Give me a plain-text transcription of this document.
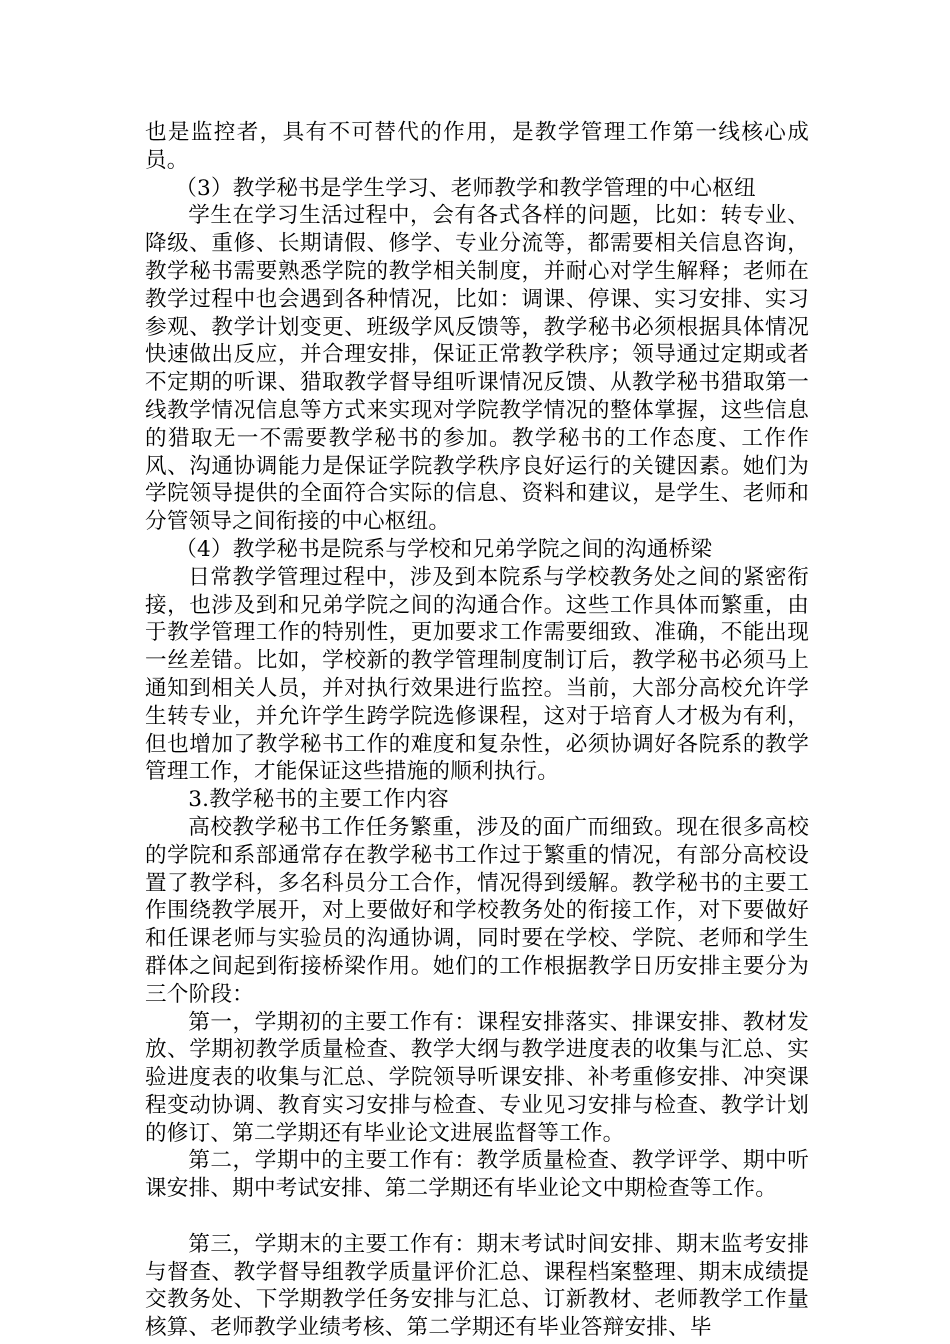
也是监控者，具有不可替代的作用，是教学管理工作第一线核心成员。

（3）教学秘书是学生学习、老师教学和教学管理的中心枢纽

学生在学习生活过程中，会有各式各样的问题，比如：转专业、降级、重修、长期请假、修学、专业分流等，都需要相关信息咨询，教学秘书需要熟悉学院的教学相关制度，并耐心对学生解释；老师在教学过程中也会遇到各种情况，比如：调课、停课、实习安排、实习参观、教学计划变更、班级学风反馈等，教学秘书必须根据具体情况快速做出反应，并合理安排，保证正常教学秩序；领导通过定期或者不定期的听课、猎取教学督导组听课情况反馈、从教学秘书猎取第一线教学情况信息等方式来实现对学院教学情况的整体掌握，这些信息的猎取无一不需要教学秘书的参加。教学秘书的工作态度、工作作风、沟通协调能力是保证学院教学秩序良好运行的关键因素。她们为学院领导提供的全面符合实际的信息、资料和建议，是学生、老师和分管领导之间衔接的中心枢纽。

（4）教学秘书是院系与学校和兄弟学院之间的沟通桥梁

日常教学管理过程中，涉及到本院系与学校教务处之间的紧密衔接，也涉及到和兄弟学院之间的沟通合作。这些工作具体而繁重，由于教学管理工作的特别性，更加要求工作需要细致、准确，不能出现一丝差错。比如，学校新的教学管理制度制订后，教学秘书必须马上通知到相关人员，并对执行效果进行监控。当前，大部分高校允许学生转专业，并允许学生跨学院选修课程，这对于培育人才极为有利，但也增加了教学秘书工作的难度和复杂性，必须协调好各院系的教学管理工作，才能保证这些措施的顺利执行。

3.教学秘书的主要工作内容

高校教学秘书工作任务繁重，涉及的面广而细致。现在很多高校的学院和系部通常存在教学秘书工作过于繁重的情况，有部分高校设置了教学科，多名科员分工合作，情况得到缓解。教学秘书的主要工作围绕教学展开，对上要做好和学校教务处的衔接工作，对下要做好和任课老师与实验员的沟通协调，同时要在学校、学院、老师和学生群体之间起到衔接桥梁作用。她们的工作根据教学日历安排主要分为三个阶段：

第一，学期初的主要工作有：课程安排落实、排课安排、教材发放、学期初教学质量检查、教学大纲与教学进度表的收集与汇总、实验进度表的收集与汇总、学院领导听课安排、补考重修安排、冲突课程变动协调、教育实习安排与检查、专业见习安排与检查、教学计划的修订、第二学期还有毕业论文进展监督等工作。

第二，学期中的主要工作有：教学质量检查、教学评学、期中听课安排、期中考试安排、第二学期还有毕业论文中期检查等工作。

第三，学期末的主要工作有：期末考试时间安排、期末监考安排与督查、教学督导组教学质量评价汇总、课程档案整理、期末成绩提交教务处、下学期教学任务安排与汇总、订新教材、老师教学工作量核算、老师教学业绩考核、第二学期还有毕业答辩安排、毕
